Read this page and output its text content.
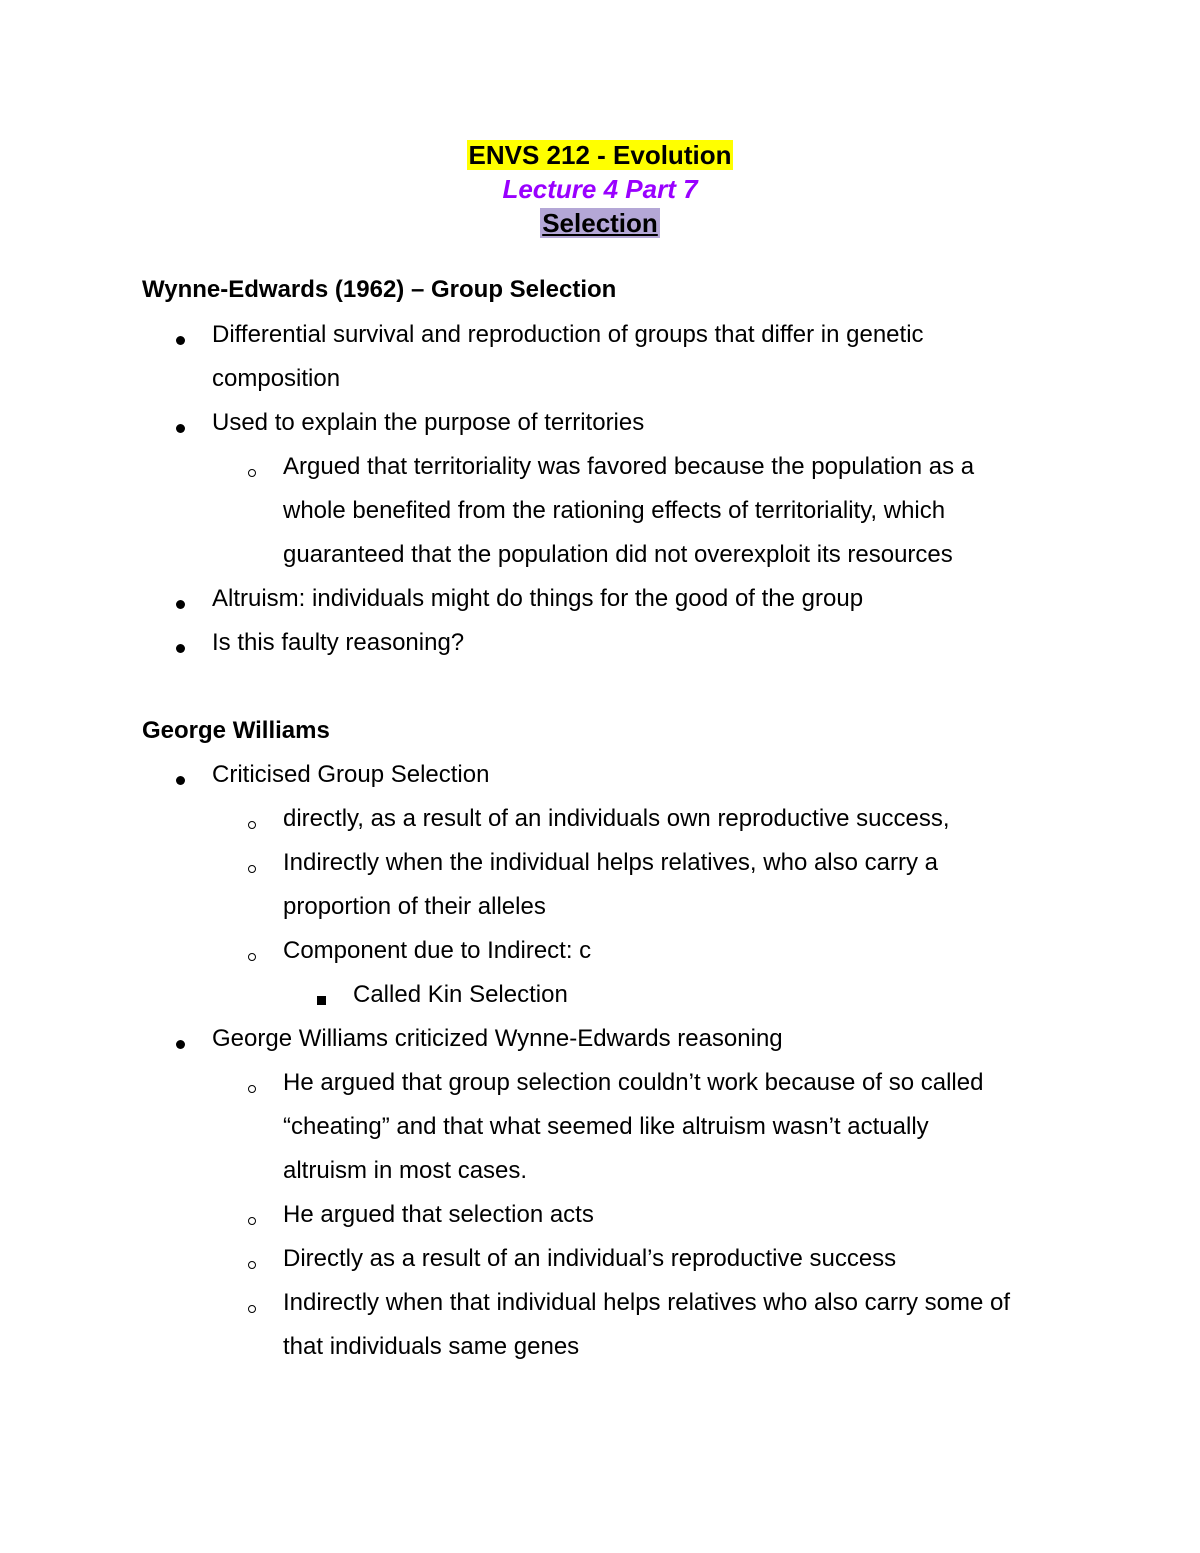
ENVS 212 - Evolution
Lecture 4 Part 7
Selection
Wynne-Edwards (1962) – Group Selection
Differential survival and reproduction of groups that differ in genetic
composition
Used to explain the purpose of territories
Argued that territoriality was favored because the population as a
whole benefited from the rationing effects of territoriality, which
guaranteed that the population did not overexploit its resources
Altruism: individuals might do things for the good of the group
Is this faulty reasoning?
George Williams
Criticised Group Selection
directly, as a result of an individuals own reproductive success,
Indirectly when the individual helps relatives, who also carry a
proportion of their alleles
Component due to Indirect: c
Called Kin Selection
George Williams criticized Wynne-Edwards reasoning
He argued that group selection couldn’t work because of so called
“cheating” and that what seemed like altruism wasn’t actually
altruism in most cases.
He argued that selection acts
Directly as a result of an individual’s reproductive success
Indirectly when that individual helps relatives who also carry some of
that individuals same genes
